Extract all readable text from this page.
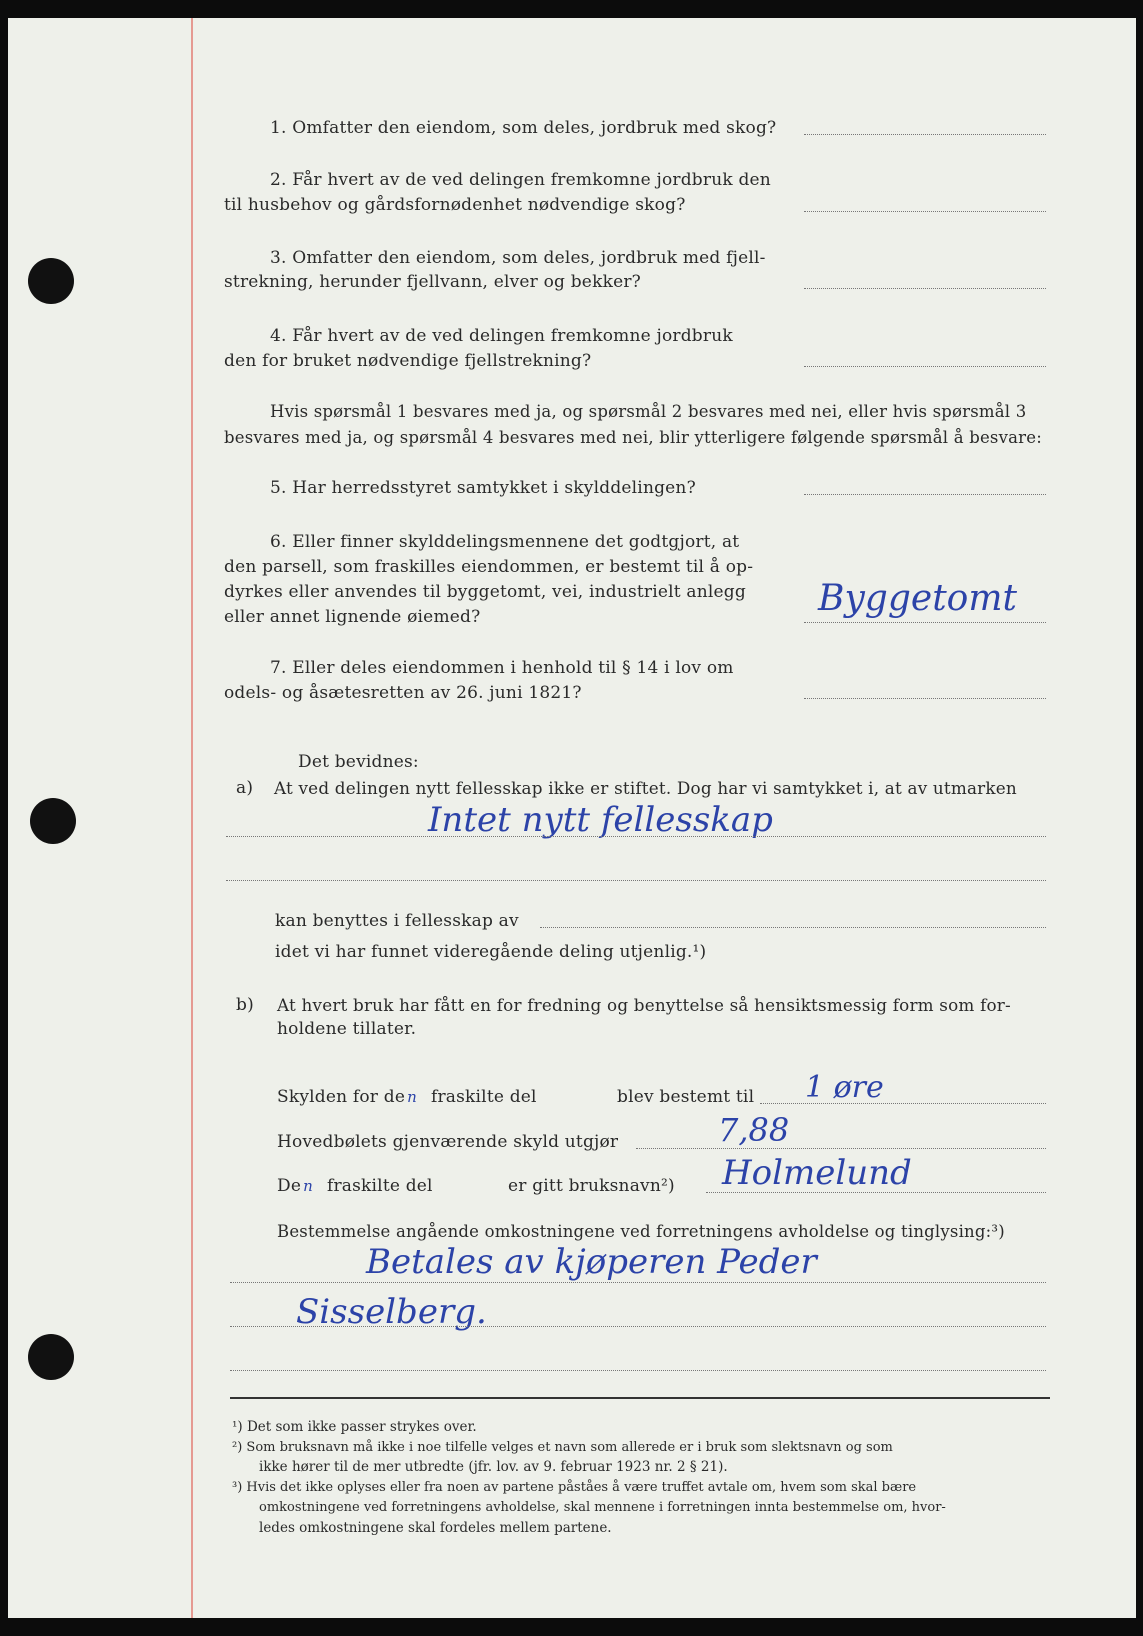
1. Omfatter den eiendom, som deles, jordbruk med skog?
2. Får hvert av de ved delingen fremkomne jordbruk den
til husbehov og gårdsfornødenhet nødvendige skog?
3. Omfatter den eiendom, som deles, jordbruk med fjell-
strekning, herunder fjellvann, elver og bekker?
4. Får hvert av de ved delingen fremkomne jordbruk
den for bruket nødvendige fjellstrekning?
Hvis spørsmål 1 besvares med ja, og spørsmål 2 besvares med nei, eller hvis spørsmål 3
besvares med ja, og spørsmål 4 besvares med nei, blir ytterligere følgende spørsmål å besvare:
5. Har herredsstyret samtykket i skylddelingen?
6. Eller finner skylddelingsmennene det godtgjort, at
den parsell, som fraskilles eiendommen, er bestemt til å op-
dyrkes eller anvendes til byggetomt, vei, industrielt anlegg
eller annet lignende øiemed?	Byggetomt
7. Eller deles eiendommen i henhold til § 14 i lov om
odels- og åsætesretten av 26. juni 1821?
Det bevidnes:
a) At ved delingen nytt fellesskap ikke er stiftet. Dog har vi samtykket i, at av utmarken
Intet nytt fellesskap
kan benyttes i fellesskap av
idet vi har funnet videregående deling utjenlig.¹)
b) At hvert bruk har fått en for fredning og benyttelse så hensiktsmessig form som for-
holdene tillater.
Skylden for de n fraskilte del	blev bestemt til 1 øre
Hovedbølets gjenværende skyld utgjør	7,88
De n fraskilte del	er gitt bruksnavn²) Holmelund
Bestemmelse angående omkostningene ved forretningens avholdelse og tinglysing:³)
Betales av kjøperen Peder
Sisselberg.
¹) Det som ikke passer strykes over.
²) Som bruksnavn må ikke i noe tilfelle velges et navn som allerede er i bruk som slektsnavn og som
ikke hører til de mer utbredte (jfr. lov. av 9. februar 1923 nr. 2 § 21).
³) Hvis det ikke oplyses eller fra noen av partene påståes å være truffet avtale om, hvem som skal bære
omkostningene ved forretningens avholdelse, skal mennene i forretningen innta bestemmelse om, hvor-
ledes omkostningene skal fordeles mellem partene.
